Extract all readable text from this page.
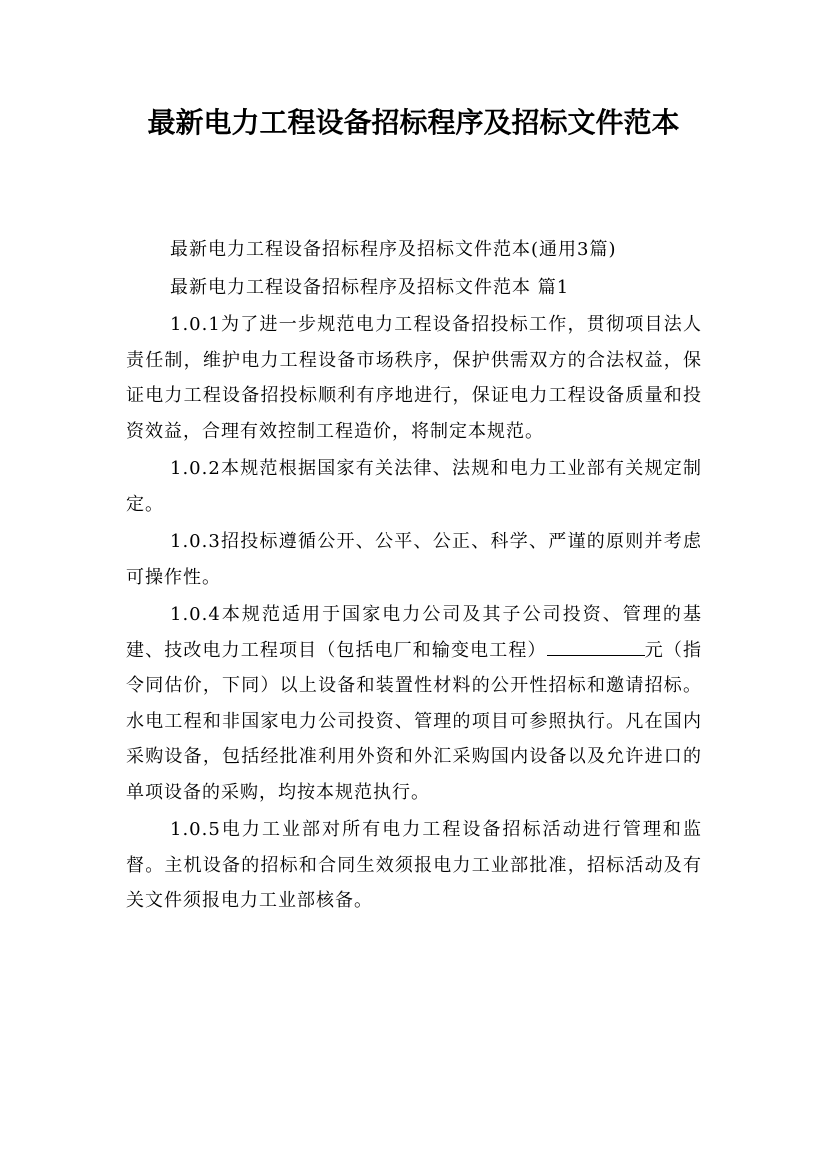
最新电力工程设备招标程序及招标文件范本

最新电力工程设备招标程序及招标文件范本(通用3篇)

最新电力工程设备招标程序及招标文件范本 篇1

1.0.1为了进一步规范电力工程设备招投标工作，贯彻项目法人责任制，维护电力工程设备市场秩序，保护供需双方的合法权益，保证电力工程设备招投标顺利有序地进行，保证电力工程设备质量和投资效益，合理有效控制工程造价，将制定本规范。

1.0.2本规范根据国家有关法律、法规和电力工业部有关规定制定。

1.0.3招投标遵循公开、公平、公正、科学、严谨的原则并考虑可操作性。

1.0.4本规范适用于国家电力公司及其子公司投资、管理的基建、技改电力工程项目（包括电厂和输变电工程）	元（指令同估价，下同）以上设备和装置性材料的公开性招标和邀请招标。水电工程和非国家电力公司投资、管理的项目可参照执行。凡在国内采购设备，包括经批准利用外资和外汇采购国内设备以及允许进口的单项设备的采购，均按本规范执行。

1.0.5电力工业部对所有电力工程设备招标活动进行管理和监督。主机设备的招标和合同生效须报电力工业部批准，招标活动及有关文件须报电力工业部核备。
